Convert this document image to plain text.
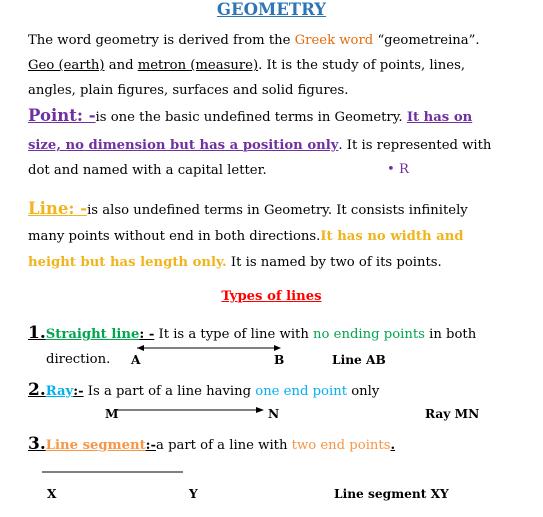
GEOMETRY
The word geometry is derived from the Greek word “geometreina”.
Geo (earth) and metron (measure). It is the study of points, lines,
angles, plain figures, surfaces and solid figures.
Point: -is one the basic undefined terms in Geometry. It has on
size, no dimension but has a position only. It is represented with
dot and named with a capital letter.	• R
Line: -is also undefined terms in Geometry. It consists infinitely
many points without end in both directions.It has no width and
height but has length only. It is named by two of its points.
Types of lines
1.Straight line: - It is a type of line with no ending points in both
direction. A	B	Line AB
2.Ray:- Is a part of a line having one end point only
M	N	Ray MN
3.Line segment:-a part of a line with two end points.
X	Y	Line segment XY
